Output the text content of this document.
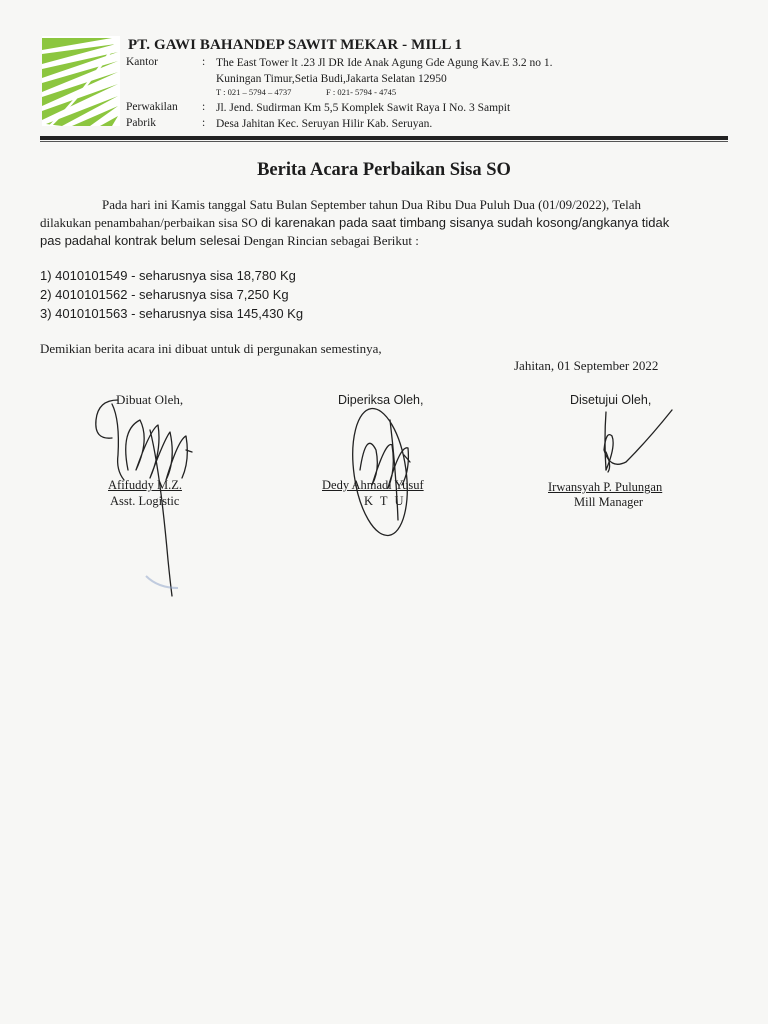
PT. GAWI BAHANDEP SAWIT MEKAR - MILL 1
Kantor	: The East Tower lt .23 Jl DR Ide Anak Agung Gde Agung Kav.E 3.2 no 1.
Kuningan Timur,Setia Budi,Jakarta Selatan 12950
T : 021 – 5794 – 4737	F : 021- 5794 - 4745
Perwakilan : Jl. Jend. Sudirman Km 5,5 Komplek Sawit Raya I No. 3 Sampit
Pabrik	: Desa Jahitan Kec. Seruyan Hilir Kab. Seruyan.
Berita Acara Perbaikan Sisa SO
Pada hari ini Kamis tanggal Satu Bulan September tahun Dua Ribu Dua Puluh Dua (01/09/2022), Telah
dilakukan penambahan/perbaikan sisa SO di karenakan pada saat timbang sisanya sudah kosong/angkanya tidak
pas padahal kontrak belum selesai Dengan Rincian sebagai Berikut :
1) 4010101549 - seharusnya sisa 18,780 Kg
2) 4010101562 - seharusnya sisa 7,250 Kg
3) 4010101563 - seharusnya sisa 145,430 Kg
Demikian berita acara ini dibuat untuk di pergunakan semestinya,
Jahitan, 01 September 2022
Dibuat Oleh,
Afifuddy M.Z.
Asst. Logistic
Diperiksa Oleh,
Dedy Ahmadi Yusuf
K T U
Disetujui Oleh,
Irwansyah P. Pulungan
Mill Manager
